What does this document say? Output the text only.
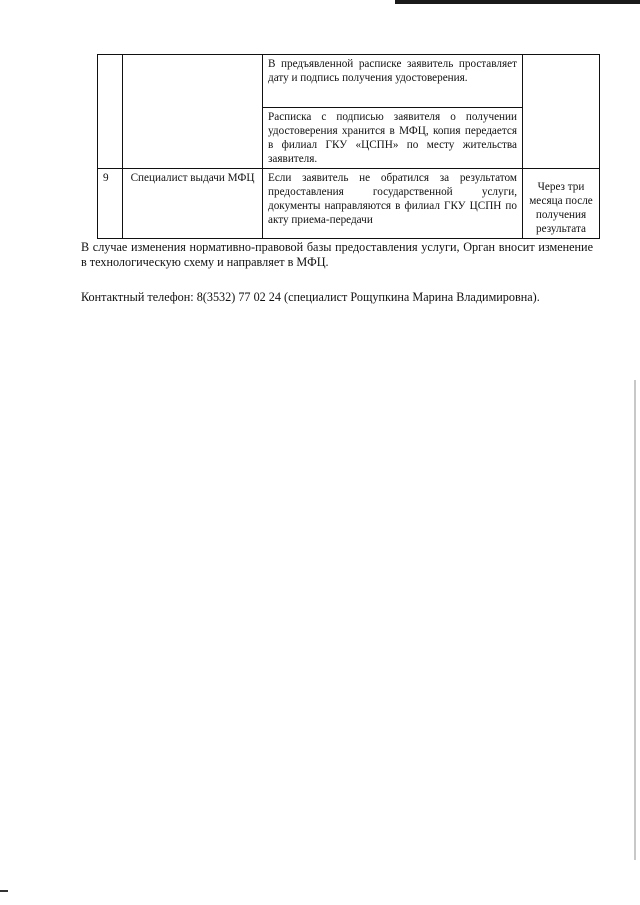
		В предъявленной расписке заявитель проставляет дату и подпись получения удостоверения.	
		Расписка с подписью заявителя о получении удостоверения хранится в МФЦ, копия передается в филиал ГКУ «ЦСПН» по месту жительства заявителя.	
9	Специалист выдачи МФЦ	Если заявитель не обратился за результатом предоставления государственной услуги, документы направляются в филиал ГКУ ЦСПН по акту приема-передачи	Через три месяца после получения результата

В случае изменения нормативно-правовой базы предоставления услуги, Орган вносит изменение в технологическую схему и направляет в МФЦ.

Контактный телефон: 8(3532) 77 02 24 (специалист Рощупкина Марина Владимировна).
